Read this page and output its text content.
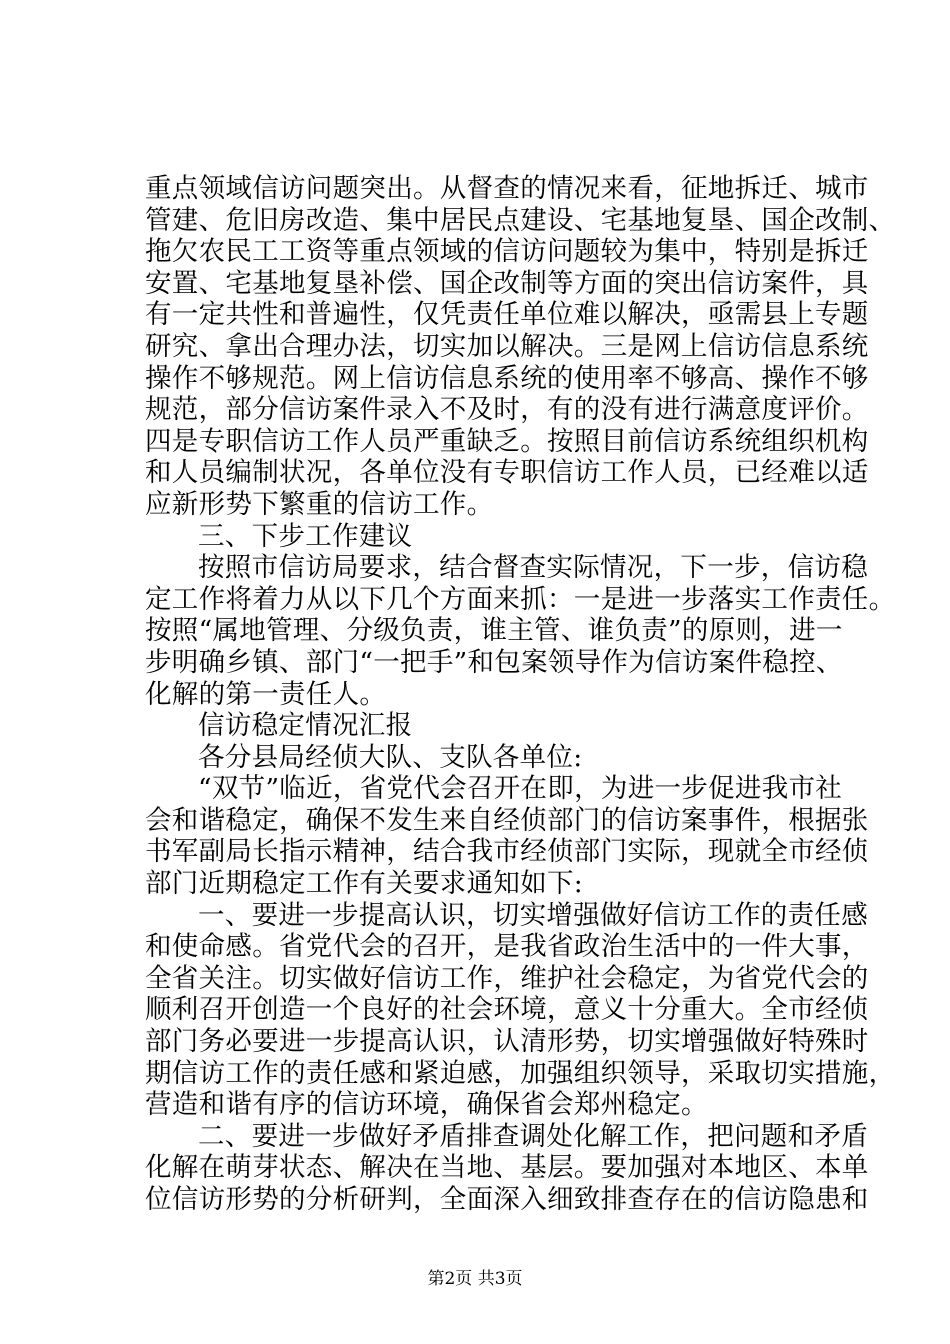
重点领域信访问题突出。从督查的情况来看，征地拆迁、城市
管建、危旧房改造、集中居民点建设、宅基地复垦、国企改制、
拖欠农民工工资等重点领域的信访问题较为集中，特别是拆迁
安置、宅基地复垦补偿、国企改制等方面的突出信访案件，具
有一定共性和普遍性，仅凭责任单位难以解决，亟需县上专题
研究、拿出合理办法，切实加以解决。三是网上信访信息系统
操作不够规范。网上信访信息系统的使用率不够高、操作不够
规范，部分信访案件录入不及时，有的没有进行满意度评价。
四是专职信访工作人员严重缺乏。按照目前信访系统组织机构
和人员编制状况，各单位没有专职信访工作人员，已经难以适
应新形势下繁重的信访工作。
三、下步工作建议
按照市信访局要求，结合督查实际情况，下一步，信访稳
定工作将着力从以下几个方面来抓：一是进一步落实工作责任。
按照“属地管理、分级负责，谁主管、谁负责”的原则，进一
步明确乡镇、部门“一把手”和包案领导作为信访案件稳控、
化解的第一责任人。
信访稳定情况汇报
各分县局经侦大队、支队各单位:
“双节”临近，省党代会召开在即，为进一步促进我市社
会和谐稳定，确保不发生来自经侦部门的信访案事件，根据张
书军副局长指示精神，结合我市经侦部门实际，现就全市经侦
部门近期稳定工作有关要求通知如下:
一、要进一步提高认识，切实增强做好信访工作的责任感
和使命感。省党代会的召开，是我省政治生活中的一件大事，
全省关注。切实做好信访工作，维护社会稳定，为省党代会的
顺利召开创造一个良好的社会环境，意义十分重大。全市经侦
部门务必要进一步提高认识，认清形势，切实增强做好特殊时
期信访工作的责任感和紧迫感，加强组织领导，采取切实措施，
营造和谐有序的信访环境，确保省会郑州稳定。
二、要进一步做好矛盾排查调处化解工作，把问题和矛盾
化解在萌芽状态、解决在当地、基层。要加强对本地区、本单
位信访形势的分析研判，全面深入细致排查存在的信访隐患和
第2页 共3页
